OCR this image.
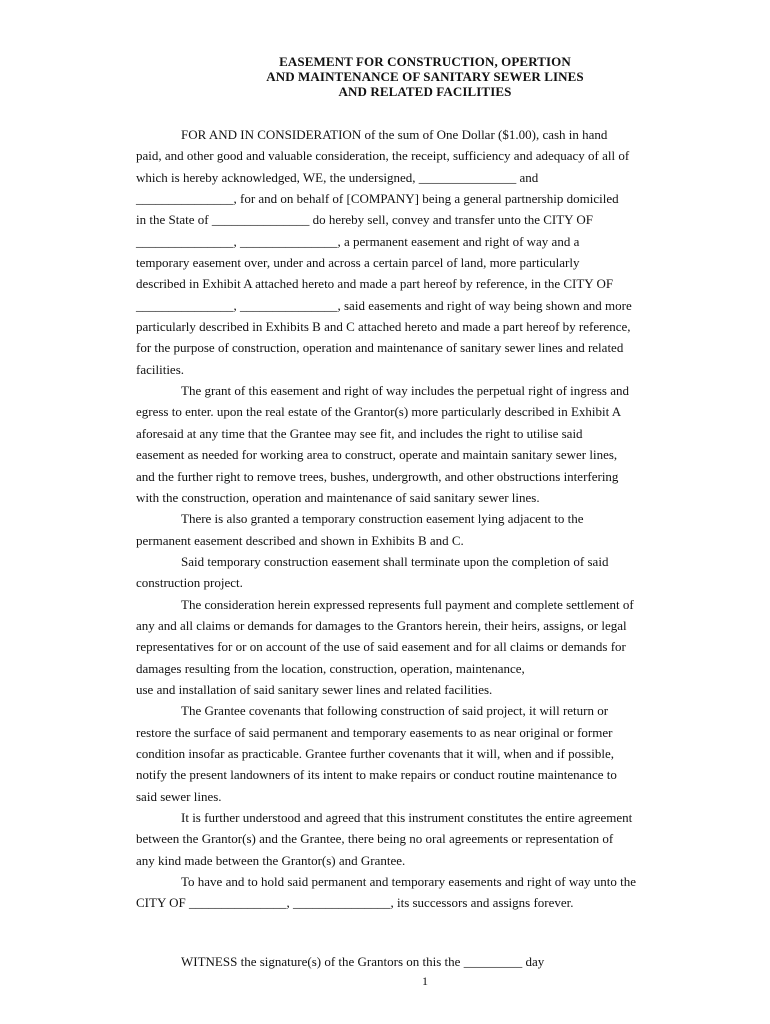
EASEMENT FOR CONSTRUCTION, OPERTION
AND MAINTENANCE OF SANITARY SEWER LINES
AND RELATED FACILITIES
FOR AND IN CONSIDERATION of the sum of One Dollar ($1.00), cash in hand
paid, and other good and valuable consideration, the receipt, sufficiency and adequacy of all of
which is hereby acknowledged, WE, the undersigned, _______________ and
_______________, for and on behalf of [COMPANY] being a general partnership domiciled
in the State of _______________ do hereby sell, convey and transfer unto the CITY OF
_______________, _______________, a permanent easement and right of way and a
temporary easement over, under and across a certain parcel of land, more particularly
described in Exhibit A attached hereto and made a part hereof by reference, in the CITY OF
_______________, _______________, said easements and right of way being shown and more
particularly described in Exhibits B and C attached hereto and made a part hereof by reference,
for the purpose of construction, operation and maintenance of sanitary sewer lines and related
facilities.
The grant of this easement and right of way includes the perpetual right of ingress and
egress to enter. upon the real estate of the Grantor(s) more particularly described in Exhibit A
aforesaid at any time that the Grantee may see fit, and includes the right to utilise said
easement as needed for working area to construct, operate and maintain sanitary sewer lines,
and the further right to remove trees, bushes, undergrowth, and other obstructions interfering
with the construction, operation and maintenance of said sanitary sewer lines.
There is also granted a temporary construction easement lying adjacent to the
permanent easement described and shown in Exhibits B and C.
Said temporary construction easement shall terminate upon the completion of said
construction project.
The consideration herein expressed represents full payment and complete settlement of
any and all claims or demands for damages to the Grantors herein, their heirs, assigns, or legal
representatives for or on account of the use of said easement and for all claims or demands for
damages resulting from the location, construction, operation, maintenance,
use and installation of said sanitary sewer lines and related facilities.
The Grantee covenants that following construction of said project, it will return or
restore the surface of said permanent and temporary easements to as near original or former
condition insofar as practicable. Grantee further covenants that it will, when and if possible,
notify the present landowners of its intent to make repairs or conduct routine maintenance to
said sewer lines.
It is further understood and agreed that this instrument constitutes the entire agreement
between the Grantor(s) and the Grantee, there being no oral agreements or representation of
any kind made between the Grantor(s) and Grantee.
To have and to hold said permanent and temporary easements and right of way unto the
CITY OF _______________, _______________, its successors and assigns forever.
WITNESS the signature(s) of the Grantors on this the _________ day
1
